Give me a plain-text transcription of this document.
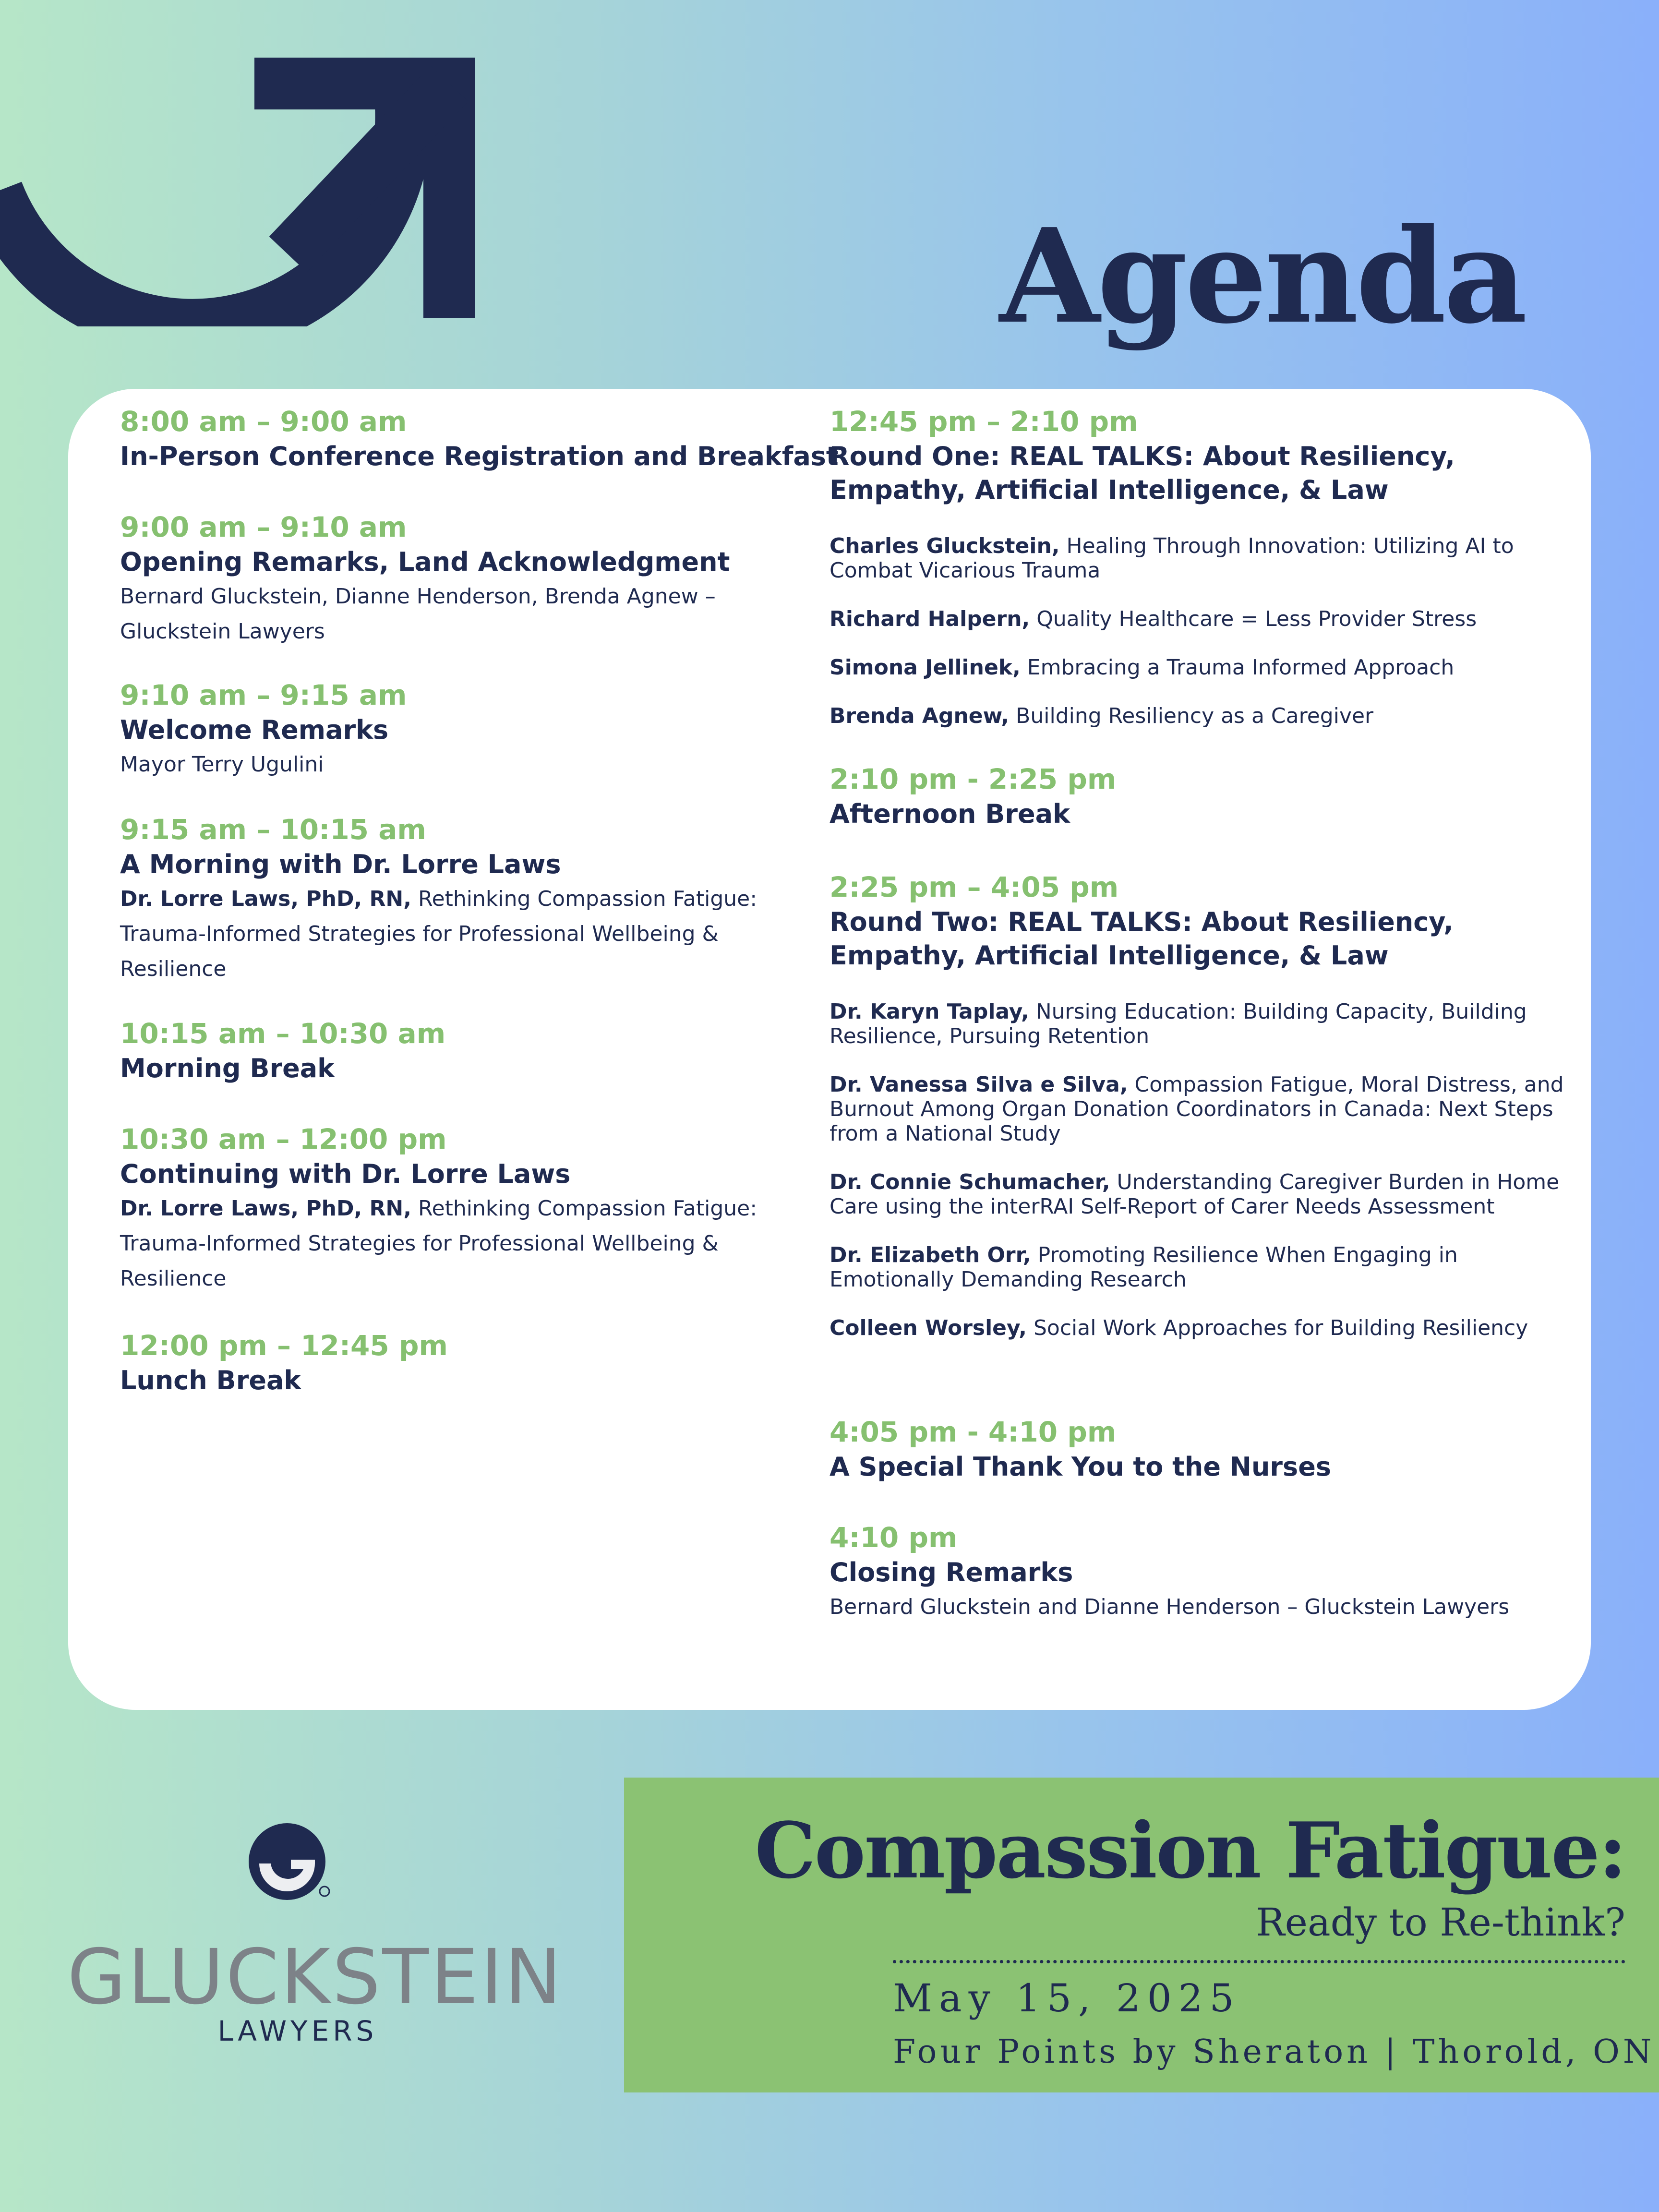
Agenda
8:00 am – 9:00 am
In-Person Conference Registration and Breakfast
9:00 am – 9:10 am
Opening Remarks, Land Acknowledgment
Bernard Gluckstein, Dianne Henderson, Brenda Agnew – Gluckstein Lawyers
9:10 am – 9:15 am
Welcome Remarks
Mayor Terry Ugulini
9:15 am – 10:15 am
A Morning with Dr. Lorre Laws
Dr. Lorre Laws, PhD, RN, Rethinking Compassion Fatigue: Trauma-Informed Strategies for Professional Wellbeing & Resilience
10:15 am – 10:30 am
Morning Break
10:30 am – 12:00 pm
Continuing with Dr. Lorre Laws
Dr. Lorre Laws, PhD, RN, Rethinking Compassion Fatigue: Trauma-Informed Strategies for Professional Wellbeing & Resilience
12:00 pm – 12:45 pm
Lunch Break
12:45 pm – 2:10 pm
Round One: REAL TALKS: About Resiliency, Empathy, Artificial Intelligence, & Law
Charles Gluckstein, Healing Through Innovation: Utilizing AI to Combat Vicarious Trauma
Richard Halpern, Quality Healthcare = Less Provider Stress
Simona Jellinek, Embracing a Trauma Informed Approach
Brenda Agnew, Building Resiliency as a Caregiver
2:10 pm - 2:25 pm
Afternoon Break
2:25 pm – 4:05 pm
Round Two: REAL TALKS: About Resiliency, Empathy, Artificial Intelligence, & Law
Dr. Karyn Taplay, Nursing Education: Building Capacity, Building Resilience, Pursuing Retention
Dr. Vanessa Silva e Silva, Compassion Fatigue, Moral Distress, and Burnout Among Organ Donation Coordinators in Canada: Next Steps from a National Study
Dr. Connie Schumacher, Understanding Caregiver Burden in Home Care using the interRAI Self-Report of Carer Needs Assessment
Dr. Elizabeth Orr, Promoting Resilience When Engaging in Emotionally Demanding Research
Colleen Worsley, Social Work Approaches for Building Resiliency
4:05 pm - 4:10 pm
A Special Thank You to the Nurses
4:10 pm
Closing Remarks
Bernard Gluckstein and Dianne Henderson – Gluckstein Lawyers
GLUCKSTEIN
LAWYERS
Compassion Fatigue:
Ready to Re-think?
May 15, 2025
Four Points by Sheraton | Thorold, ON
